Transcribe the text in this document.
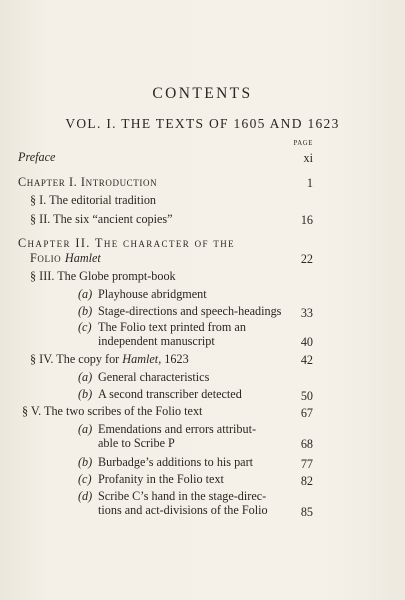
CONTENTS
VOL. I. THE TEXTS OF 1605 AND 1623
PAGE
Preface	xi
Chapter I. Introduction	1
§ I. The editorial tradition
§ II. The six “ancient copies”	16
Chapter II. The character of the
Folio Hamlet	22
§ III. The Globe prompt-book
(a) Playhouse abridgment
(b) Stage-directions and speech-headings 33
(c) The Folio text printed from an
independent manuscript	40
§ IV. The copy for Hamlet, 1623	42
(a) General characteristics
(b) A second transcriber detected	50
§ V. The two scribes of the Folio text	67
(a) Emendations and errors attribut-
able to Scribe P	68
(b) Burbadge’s additions to his part	77
(c) Profanity in the Folio text	82
(d) Scribe C’s hand in the stage-direc-
tions and act-divisions of the Folio	85
